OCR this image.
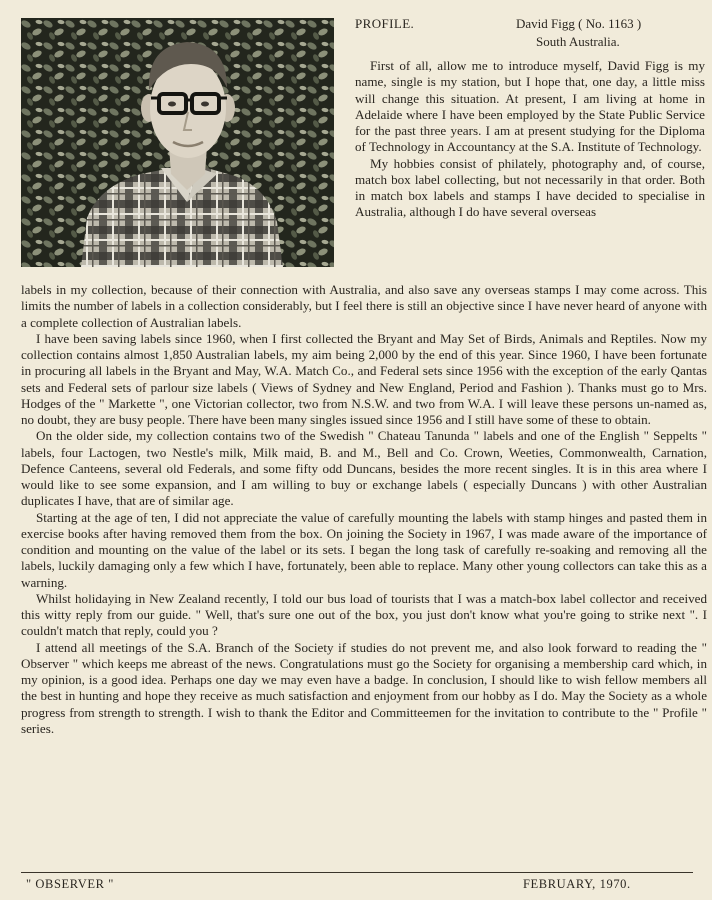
PROFILE.	David Figg ( No. 1163 )
South Australia.

First of all, allow me to introduce myself, David Figg is my name, single is my station, but I hope that, one day, a little miss will change this situation. At present, I am living at home in Adelaide where I have been employed by the State Public Service for the past three years. I am at present studying for the Diploma of Technology in Accountancy at the S.A. Institute of Technology.

My hobbies consist of philately, photography and, of course, match box label collecting, but not necessarily in that order. Both in match box labels and stamps I have decided to specialise in Australia, although I do have several overseas

labels in my collection, because of their connection with Australia, and also save any overseas stamps I may come across. This limits the number of labels in a collection considerably, but I feel there is still an objective since I have never heard of anyone with a complete collection of Australian labels.

I have been saving labels since 1960, when I first collected the Bryant and May Set of Birds, Animals and Reptiles. Now my collection contains almost 1,850 Australian labels, my aim being 2,000 by the end of this year. Since 1960, I have been fortunate in procuring all labels in the Bryant and May, W.A. Match Co., and Federal sets since 1956 with the exception of the early Qantas sets and Federal sets of parlour size labels ( Views of Sydney and New England, Period and Fashion ). Thanks must go to Mrs. Hodges of the " Markette ", one Victorian collector, two from N.S.W. and two from W.A. I will leave these persons un-named as, no doubt, they are busy people. There have been many singles issued since 1956 and I still have some of these to obtain.

On the older side, my collection contains two of the Swedish " Chateau Tanunda " labels and one of the English " Seppelts " labels, four Lactogen, two Nestle's milk, Milk maid, B. and M., Bell and Co. Crown, Weeties, Commonwealth, Carnation, Defence Canteens, several old Federals, and some fifty odd Duncans, besides the more recent singles. It is in this area where I would like to see some expansion, and I am willing to buy or exchange labels ( especially Duncans ) with other Australian duplicates I have, that are of similar age.

Starting at the age of ten, I did not appreciate the value of carefully mounting the labels with stamp hinges and pasted them in exercise books after having removed them from the box. On joining the Society in 1967, I was made aware of the importance of condition and mounting on the value of the label or its sets. I began the long task of carefully re-soaking and removing all the labels, luckily damaging only a few which I have, fortunately, been able to replace. Many other young collectors can take this as a warning.

Whilst holidaying in New Zealand recently, I told our bus load of tourists that I was a match-box label collector and received this witty reply from our guide. " Well, that's sure one out of the box, you just don't know what you're going to strike next ". I couldn't match that reply, could you ?

I attend all meetings of the S.A. Branch of the Society if studies do not prevent me, and also look forward to reading the " Observer " which keeps me abreast of the news. Congratulations must go the Society for organising a membership card which, in my opinion, is a good idea. Perhaps one day we may even have a badge. In conclusion, I should like to wish fellow members all the best in hunting and hope they receive as much satisfaction and enjoyment from our hobby as I do. May the Society as a whole progress from strength to strength. I wish to thank the Editor and Committeemen for the invitation to contribute to the " Profile " series.

" OBSERVER "	FEBRUARY, 1970.
